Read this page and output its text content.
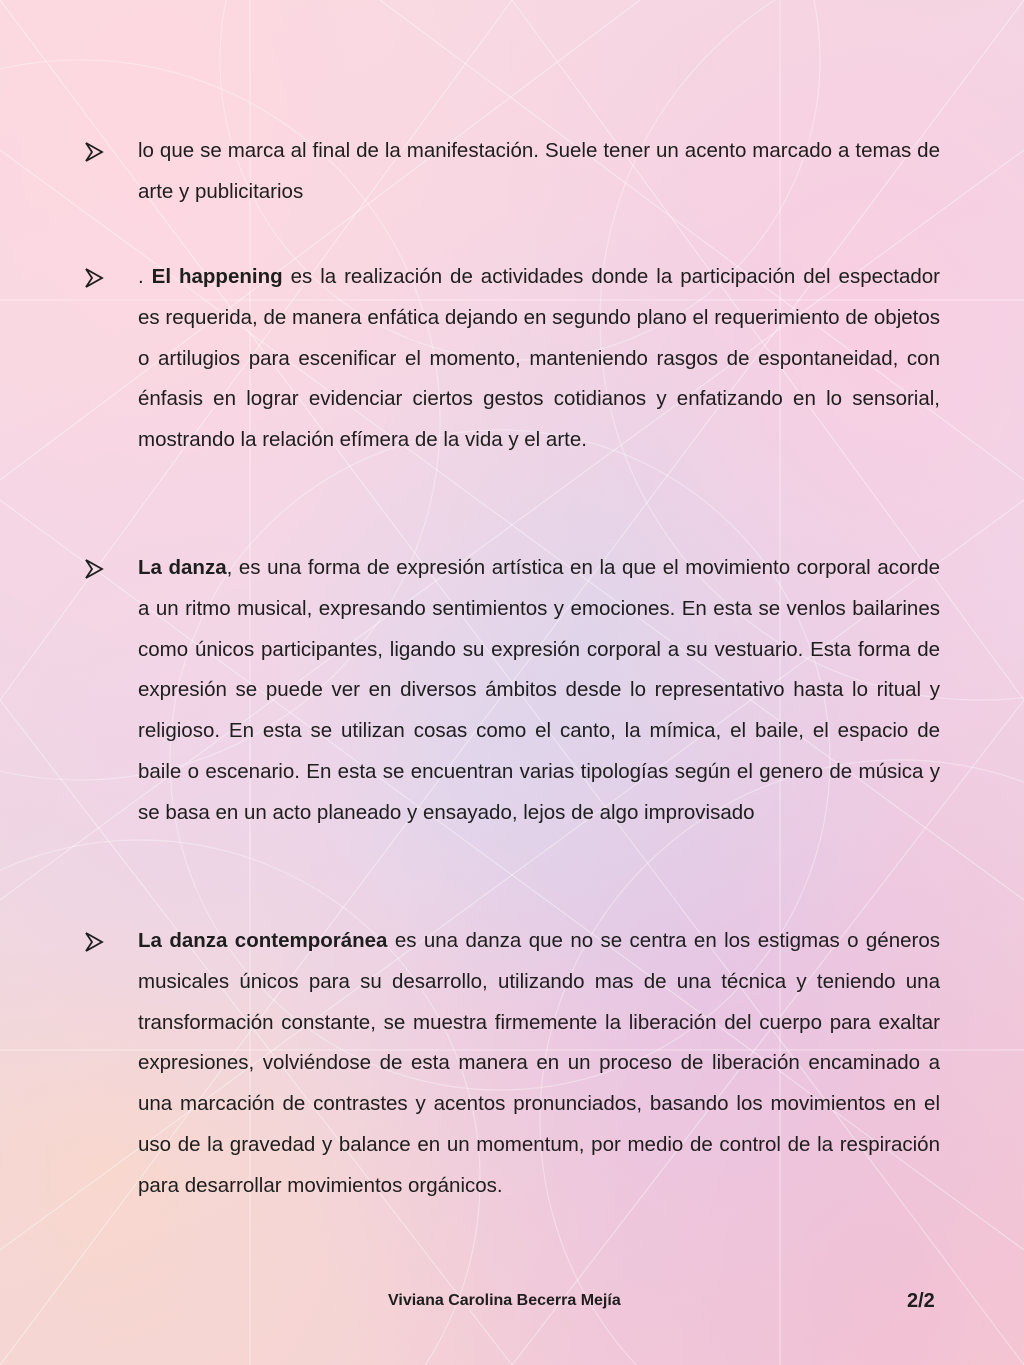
lo que se marca al final de la manifestación. Suele tener un acento marcado a temas de arte y publicitarios

. El happening es la realización de actividades donde la participación del espectador es requerida, de manera enfática dejando en segundo plano el requerimiento de objetos o artilugios para escenificar el momento, manteniendo rasgos de espontaneidad, con énfasis en lograr evidenciar ciertos gestos cotidianos y enfatizando en lo sensorial, mostrando la relación efímera de la vida y el arte.

La danza, es una forma de expresión artística en la que el movimiento corporal acorde a un ritmo musical, expresando sentimientos y emociones. En esta se venlos bailarines como únicos participantes, ligando su expresión corporal a su vestuario. Esta forma de expresión se puede ver en diversos ámbitos desde lo representativo hasta lo ritual y religioso. En esta se utilizan cosas como el canto, la mímica, el baile, el espacio de baile o escenario. En esta se encuentran varias tipologías según el genero de música y se basa en un acto planeado y ensayado, lejos de algo improvisado

La danza contemporánea es una danza que no se centra en los estigmas o géneros musicales únicos para su desarrollo, utilizando mas de una técnica y teniendo una transformación constante, se muestra firmemente la liberación del cuerpo para exaltar expresiones, volviéndose de esta manera en un proceso de liberación encaminado a una marcación de contrastes y acentos pronunciados, basando los movimientos en el uso de la gravedad y balance en un momentum, por medio de control de la respiración para desarrollar movimientos orgánicos.

Viviana Carolina Becerra Mejía	2/2
